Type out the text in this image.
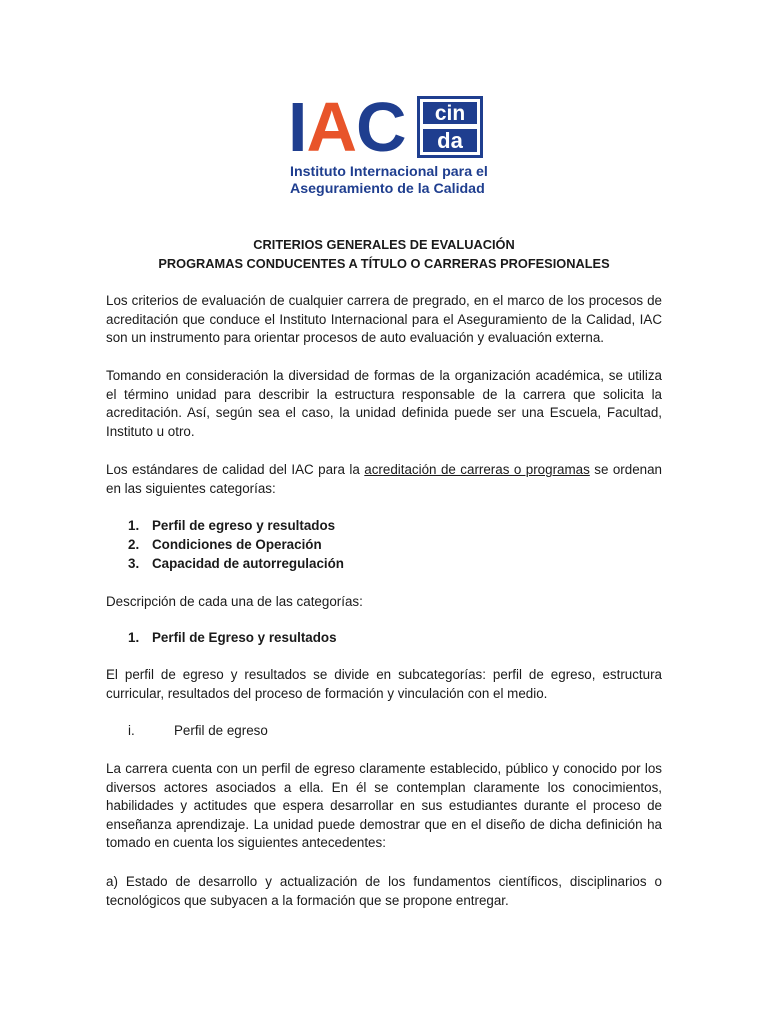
IAC cin
da
Instituto Internacional para el
Aseguramiento de la Calidad
CRITERIOS GENERALES DE EVALUACIÓN
PROGRAMAS CONDUCENTES A TÍTULO O CARRERAS PROFESIONALES
Los criterios de evaluación de cualquier carrera de pregrado, en el marco de los procesos de acreditación que conduce el Instituto Internacional para el Aseguramiento de la Calidad, IAC son un instrumento para orientar procesos de auto evaluación y evaluación externa.
Tomando en consideración la diversidad de formas de la organización académica, se utiliza el término unidad para describir la estructura responsable de la carrera que solicita la acreditación. Así, según sea el caso, la unidad definida puede ser una Escuela, Facultad, Instituto u otro.
Los estándares de calidad del IAC para la acreditación de carreras o programas se ordenan en las siguientes categorías:
1. Perfil de egreso y resultados
2. Condiciones de Operación
3. Capacidad de autorregulación
Descripción de cada una de las categorías:
1. Perfil de Egreso y resultados
El perfil de egreso y resultados se divide en subcategorías: perfil de egreso, estructura curricular, resultados del proceso de formación y vinculación con el medio.
i.	Perfil de egreso
La carrera cuenta con un perfil de egreso claramente establecido, público y conocido por los diversos actores asociados a ella. En él se contemplan claramente los conocimientos, habilidades y actitudes que espera desarrollar en sus estudiantes durante el proceso de enseñanza aprendizaje. La unidad puede demostrar que en el diseño de dicha definición ha tomado en cuenta los siguientes antecedentes:
a) Estado de desarrollo y actualización de los fundamentos científicos, disciplinarios o tecnológicos que subyacen a la formación que se propone entregar.
